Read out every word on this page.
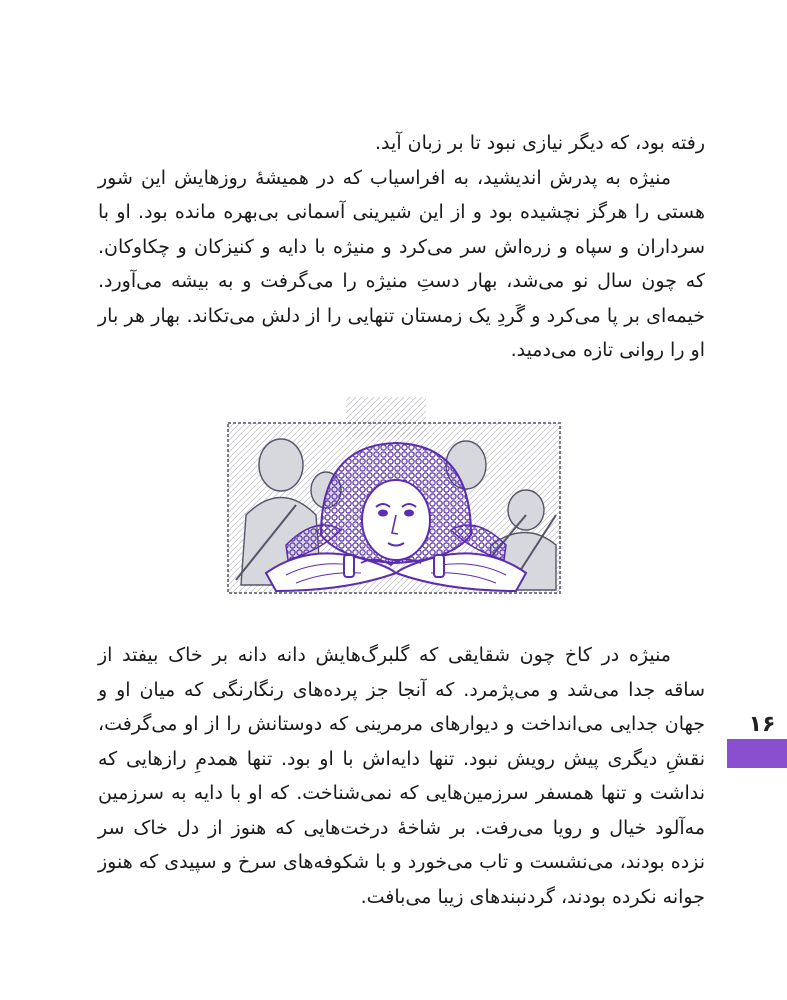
رفته بود، که دیگر نیازی نبود تا بر زبان آید.

منیژه به پدرش اندیشید، به افراسیاب که در همیشهٔ روزهایش این شور هستی را هرگز نچشیده بود و از این شیرینی آسمانی بی‌بهره مانده بود. او با سرداران و سپاه و زره‌اش سر می‌کرد و منیژه با دایه و کنیزکان و چکاوکان. که چون سال نو می‌شد، بهار دستِ منیژه را می‌گرفت و به بیشه می‌آورد. خیمه‌ای بر پا می‌کرد و گَردِ یک زمستان تنهایی را از دلش می‌تکاند. بهار هر بار او را روانی تازه می‌دمید.

منیژه در کاخ چون شقایقی که گلبرگ‌هایش دانه دانه بر خاک بیفتد از ساقه جدا می‌شد و می‌پژمرد. که آنجا جز پرده‌های رنگارنگی که میان او و جهان جدایی می‌انداخت و دیوارهای مرمرینی که دوستانش را از او می‌گرفت، نقشِ دیگری پیش رویش نبود. تنها دایه‌اش با او بود. تنها همدمِ رازهایی که نداشت و تنها همسفر سرزمین‌هایی که نمی‌شناخت. که او با دایه به سرزمین مه‌آلود خیال و رویا می‌رفت. بر شاخهٔ درخت‌هایی که هنوز از دل خاک سر نزده بودند، می‌نشست و تاب می‌خورد و با شکوفه‌های سرخ و سپیدی که هنوز جوانه نکرده بودند، گردنبندهای زیبا می‌بافت.

۱۶
